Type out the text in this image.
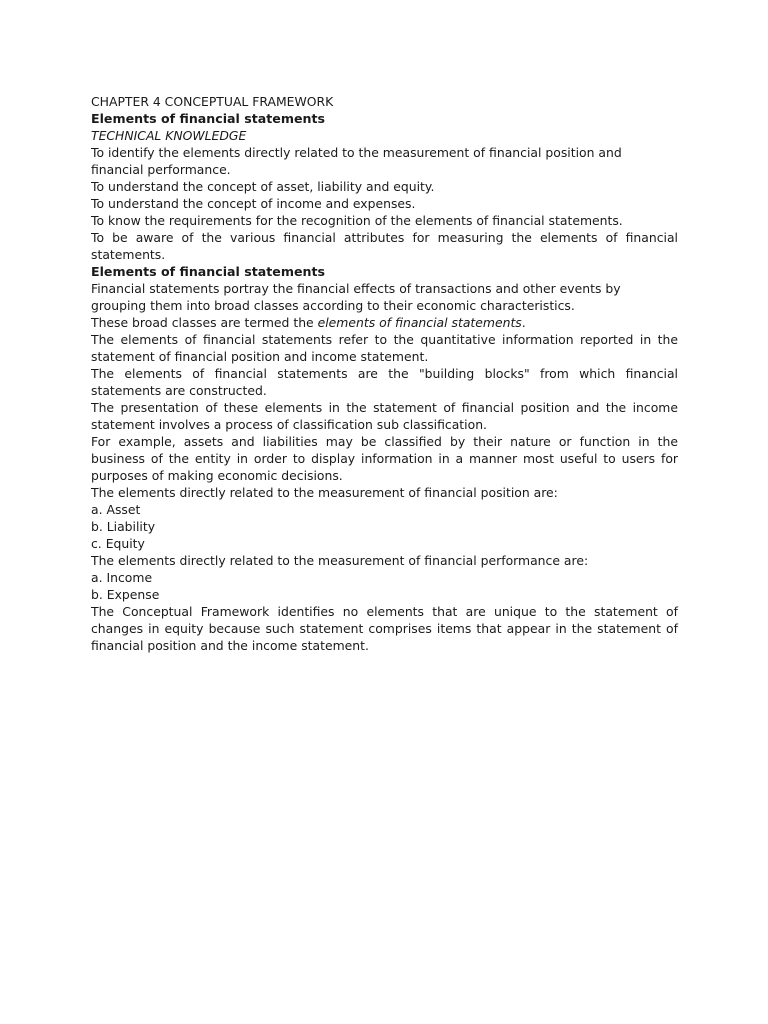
CHAPTER 4 CONCEPTUAL FRAMEWORK

Elements of financial statements

TECHNICAL KNOWLEDGE

To identify the elements directly related to the measurement of financial position and financial performance.

To understand the concept of asset, liability and equity.

To understand the concept of income and expenses.

To know the requirements for the recognition of the elements of financial statements.

To be aware of the various financial attributes for measuring the elements of financial statements.

Elements of financial statements

Financial statements portray the financial effects of transactions and other events by grouping them into broad classes according to their economic characteristics.

These broad classes are termed the elements of financial statements.

The elements of financial statements refer to the quantitative information reported in the statement of financial position and income statement.

The elements of financial statements are the "building blocks" from which financial statements are constructed.

The presentation of these elements in the statement of financial position and the income statement involves a process of classification sub classification.

For example, assets and liabilities may be classified by their nature or function in the business of the entity in order to display information in a manner most useful to users for purposes of making economic decisions.

The elements directly related to the measurement of financial position are:

a. Asset

b. Liability

c. Equity

The elements directly related to the measurement of financial performance are:

a. Income

b. Expense

The Conceptual Framework identifies no elements that are unique to the statement of changes in equity because such statement comprises items that appear in the statement of financial position and the income statement.
